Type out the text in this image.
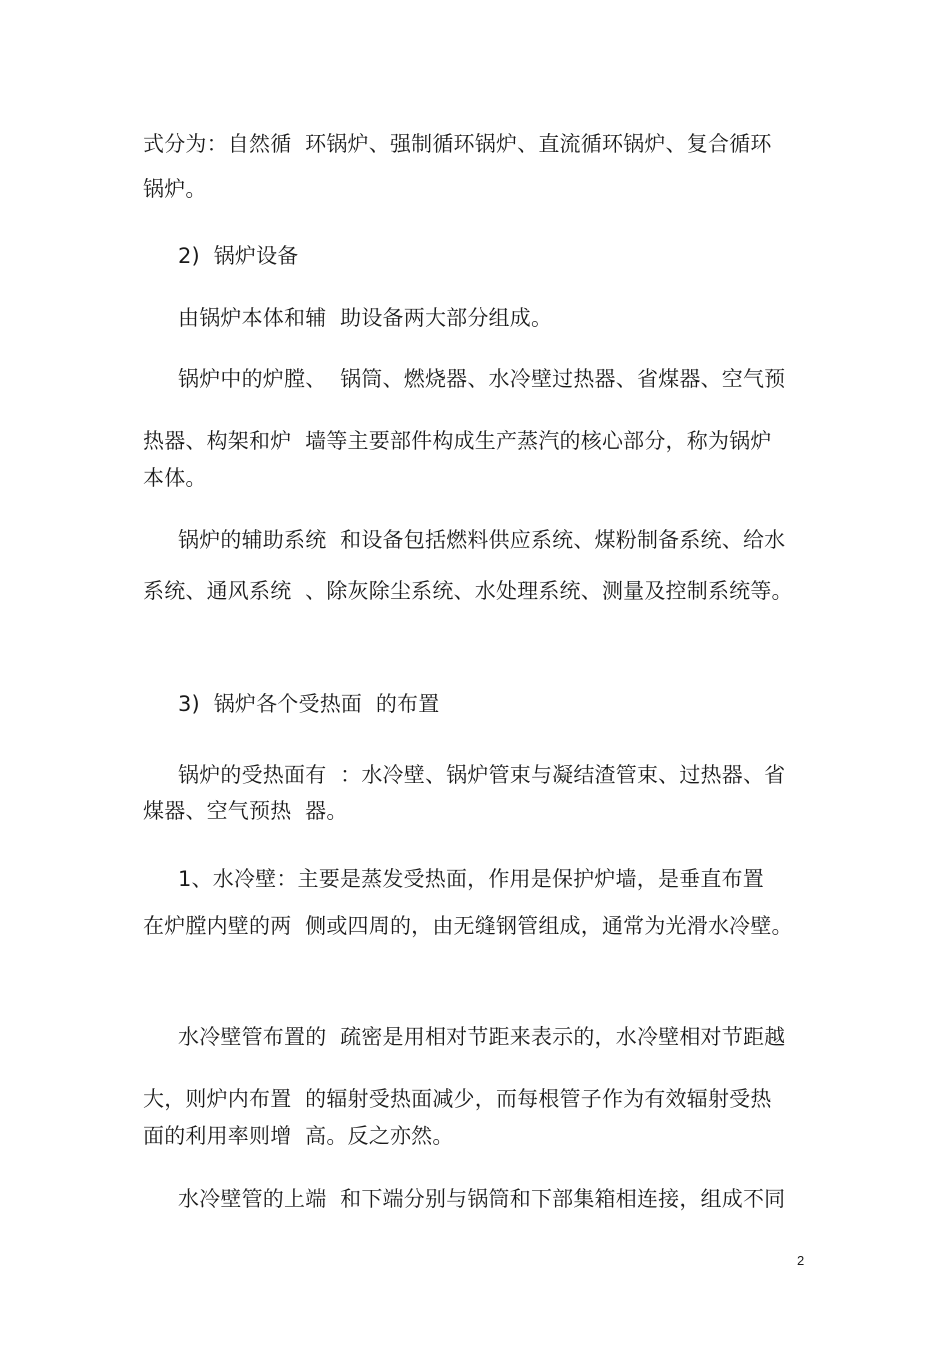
式分为：自然循  环锅炉、强制循环锅炉、直流循环锅炉、复合循环

锅炉。

2)  锅炉设备

由锅炉本体和辅  助设备两大部分组成。

锅炉中的炉膛、  锅筒、燃烧器、水冷壁过热器、省煤器、空气预

热器、构架和炉  墙等主要部件构成生产蒸汽的核心部分，称为锅炉

本体。

锅炉的辅助系统  和设备包括燃料供应系统、煤粉制备系统、给水

系统、通风系统  、除灰除尘系统、水处理系统、测量及控制系统等。

3)  锅炉各个受热面  的布置

锅炉的受热面有  ：水冷壁、锅炉管束与凝结渣管束、过热器、省

煤器、空气预热  器。

1、水冷壁：主要是蒸发受热面，作用是保护炉墙，是垂直布置

在炉膛内壁的两  侧或四周的，由无缝钢管组成，通常为光滑水冷壁。

水冷壁管布置的  疏密是用相对节距来表示的，水冷壁相对节距越

大，则炉内布置  的辐射受热面减少，而每根管子作为有效辐射受热

面的利用率则增  高。反之亦然。

水冷壁管的上端  和下端分别与锅筒和下部集箱相连接，组成不同

2
